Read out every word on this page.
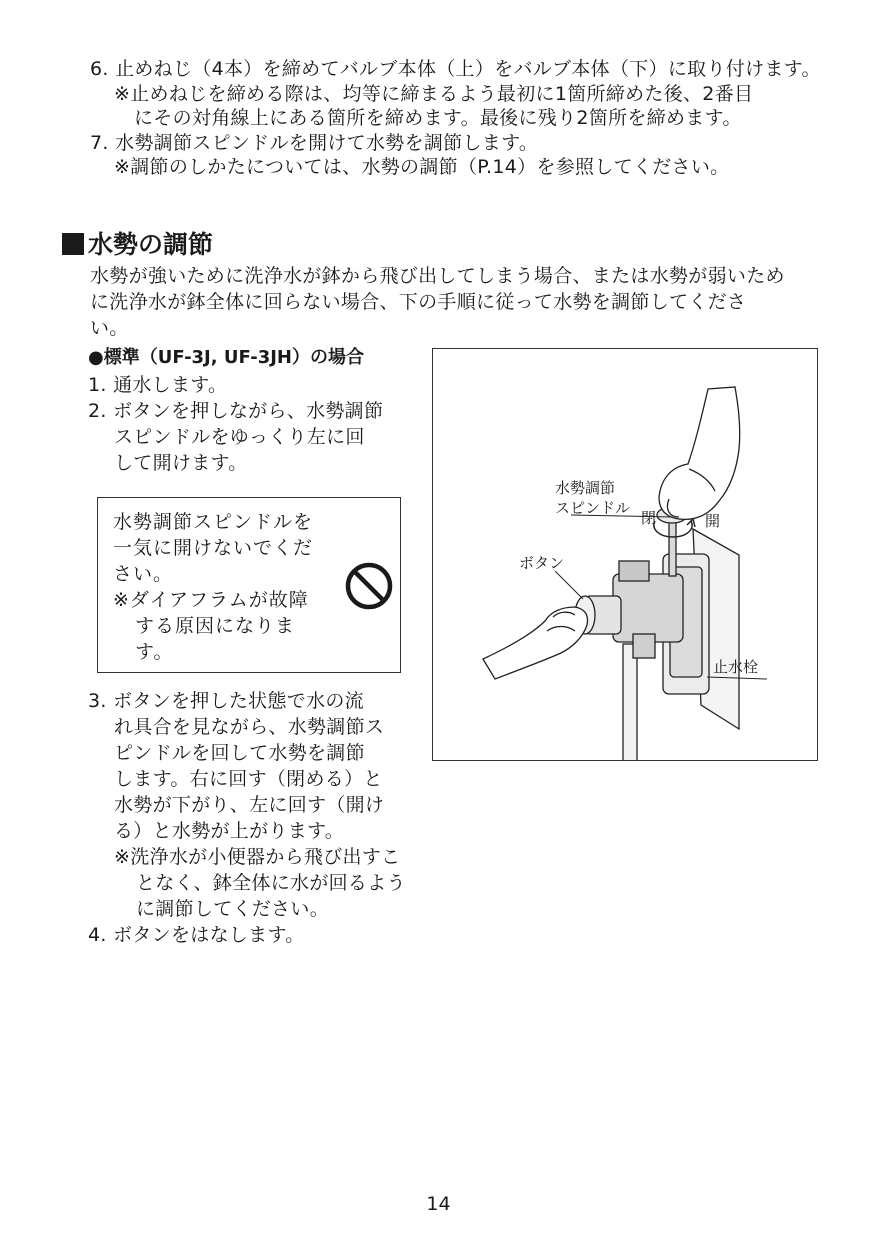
6. 止めねじ（4本）を締めてバルブ本体（上）をバルブ本体（下）に取り付けます。
※止めねじを締める際は、均等に締まるよう最初に1箇所締めた後、2番目
にその対角線上にある箇所を締めます。最後に残り2箇所を締めます。
7. 水勢調節スピンドルを開けて水勢を調節します。
※調節のしかたについては、水勢の調節（P.14）を参照してください。
水勢の調節
水勢が強いために洗浄水が鉢から飛び出してしまう場合、または水勢が弱いため
に洗浄水が鉢全体に回らない場合、下の手順に従って水勢を調節してくださ
い。
●標準（UF-3J, UF-3JH）の場合
1. 通水します。
2. ボタンを押しながら、水勢調節
スピンドルをゆっくり左に回
して開けます。
水勢調節スピンドルを
一気に開けないでくだ
さい。
※ダイアフラムが故障
する原因になりま
す。
3. ボタンを押した状態で水の流
れ具合を見ながら、水勢調節ス
ピンドルを回して水勢を調節
します。右に回す（閉める）と
水勢が下がり、左に回す（開け
る）と水勢が上がります。
※洗浄水が小便器から飛び出すこ
となく、鉢全体に水が回るよう
に調節してください。
4. ボタンをはなします。
水勢調節
スピンドル
閉	開
ボタン
止水栓
14
